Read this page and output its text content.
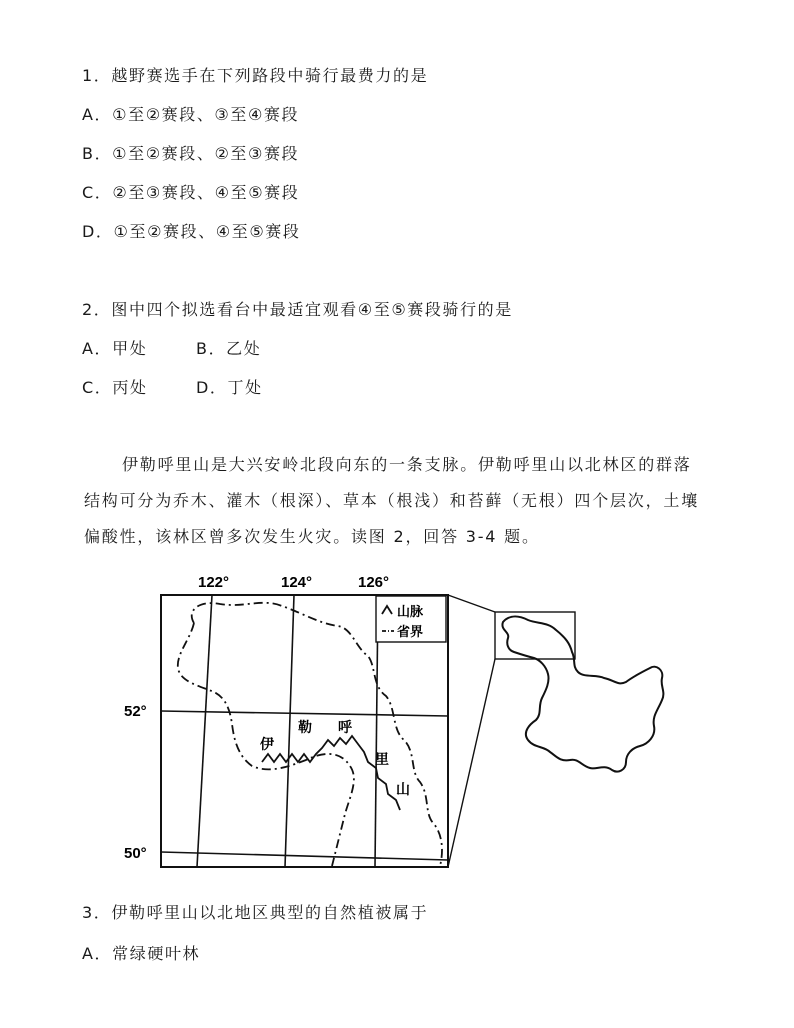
1．越野赛选手在下列路段中骑行最费力的是
A．①至②赛段、③至④赛段
B．①至②赛段、②至③赛段
C．②至③赛段、④至⑤赛段
D．①至②赛段、④至⑤赛段
2．图中四个拟选看台中最适宜观看④至⑤赛段骑行的是
A．甲处	B．乙处
C．丙处	D．丁处
伊勒呼里山是大兴安岭北段向东的一条支脉。伊勒呼里山以北林区的群落结构可分为乔木、灌木（根深）、草本（根浅）和苔藓（无根）四个层次，土壤偏酸性，该林区曾多次发生火灾。读图 2，回答 3-4 题。
122°	124°	126°
52°
50°
伊
勒 呼
里
山
山脉
省界
3．伊勒呼里山以北地区典型的自然植被属于
A．常绿硬叶林
